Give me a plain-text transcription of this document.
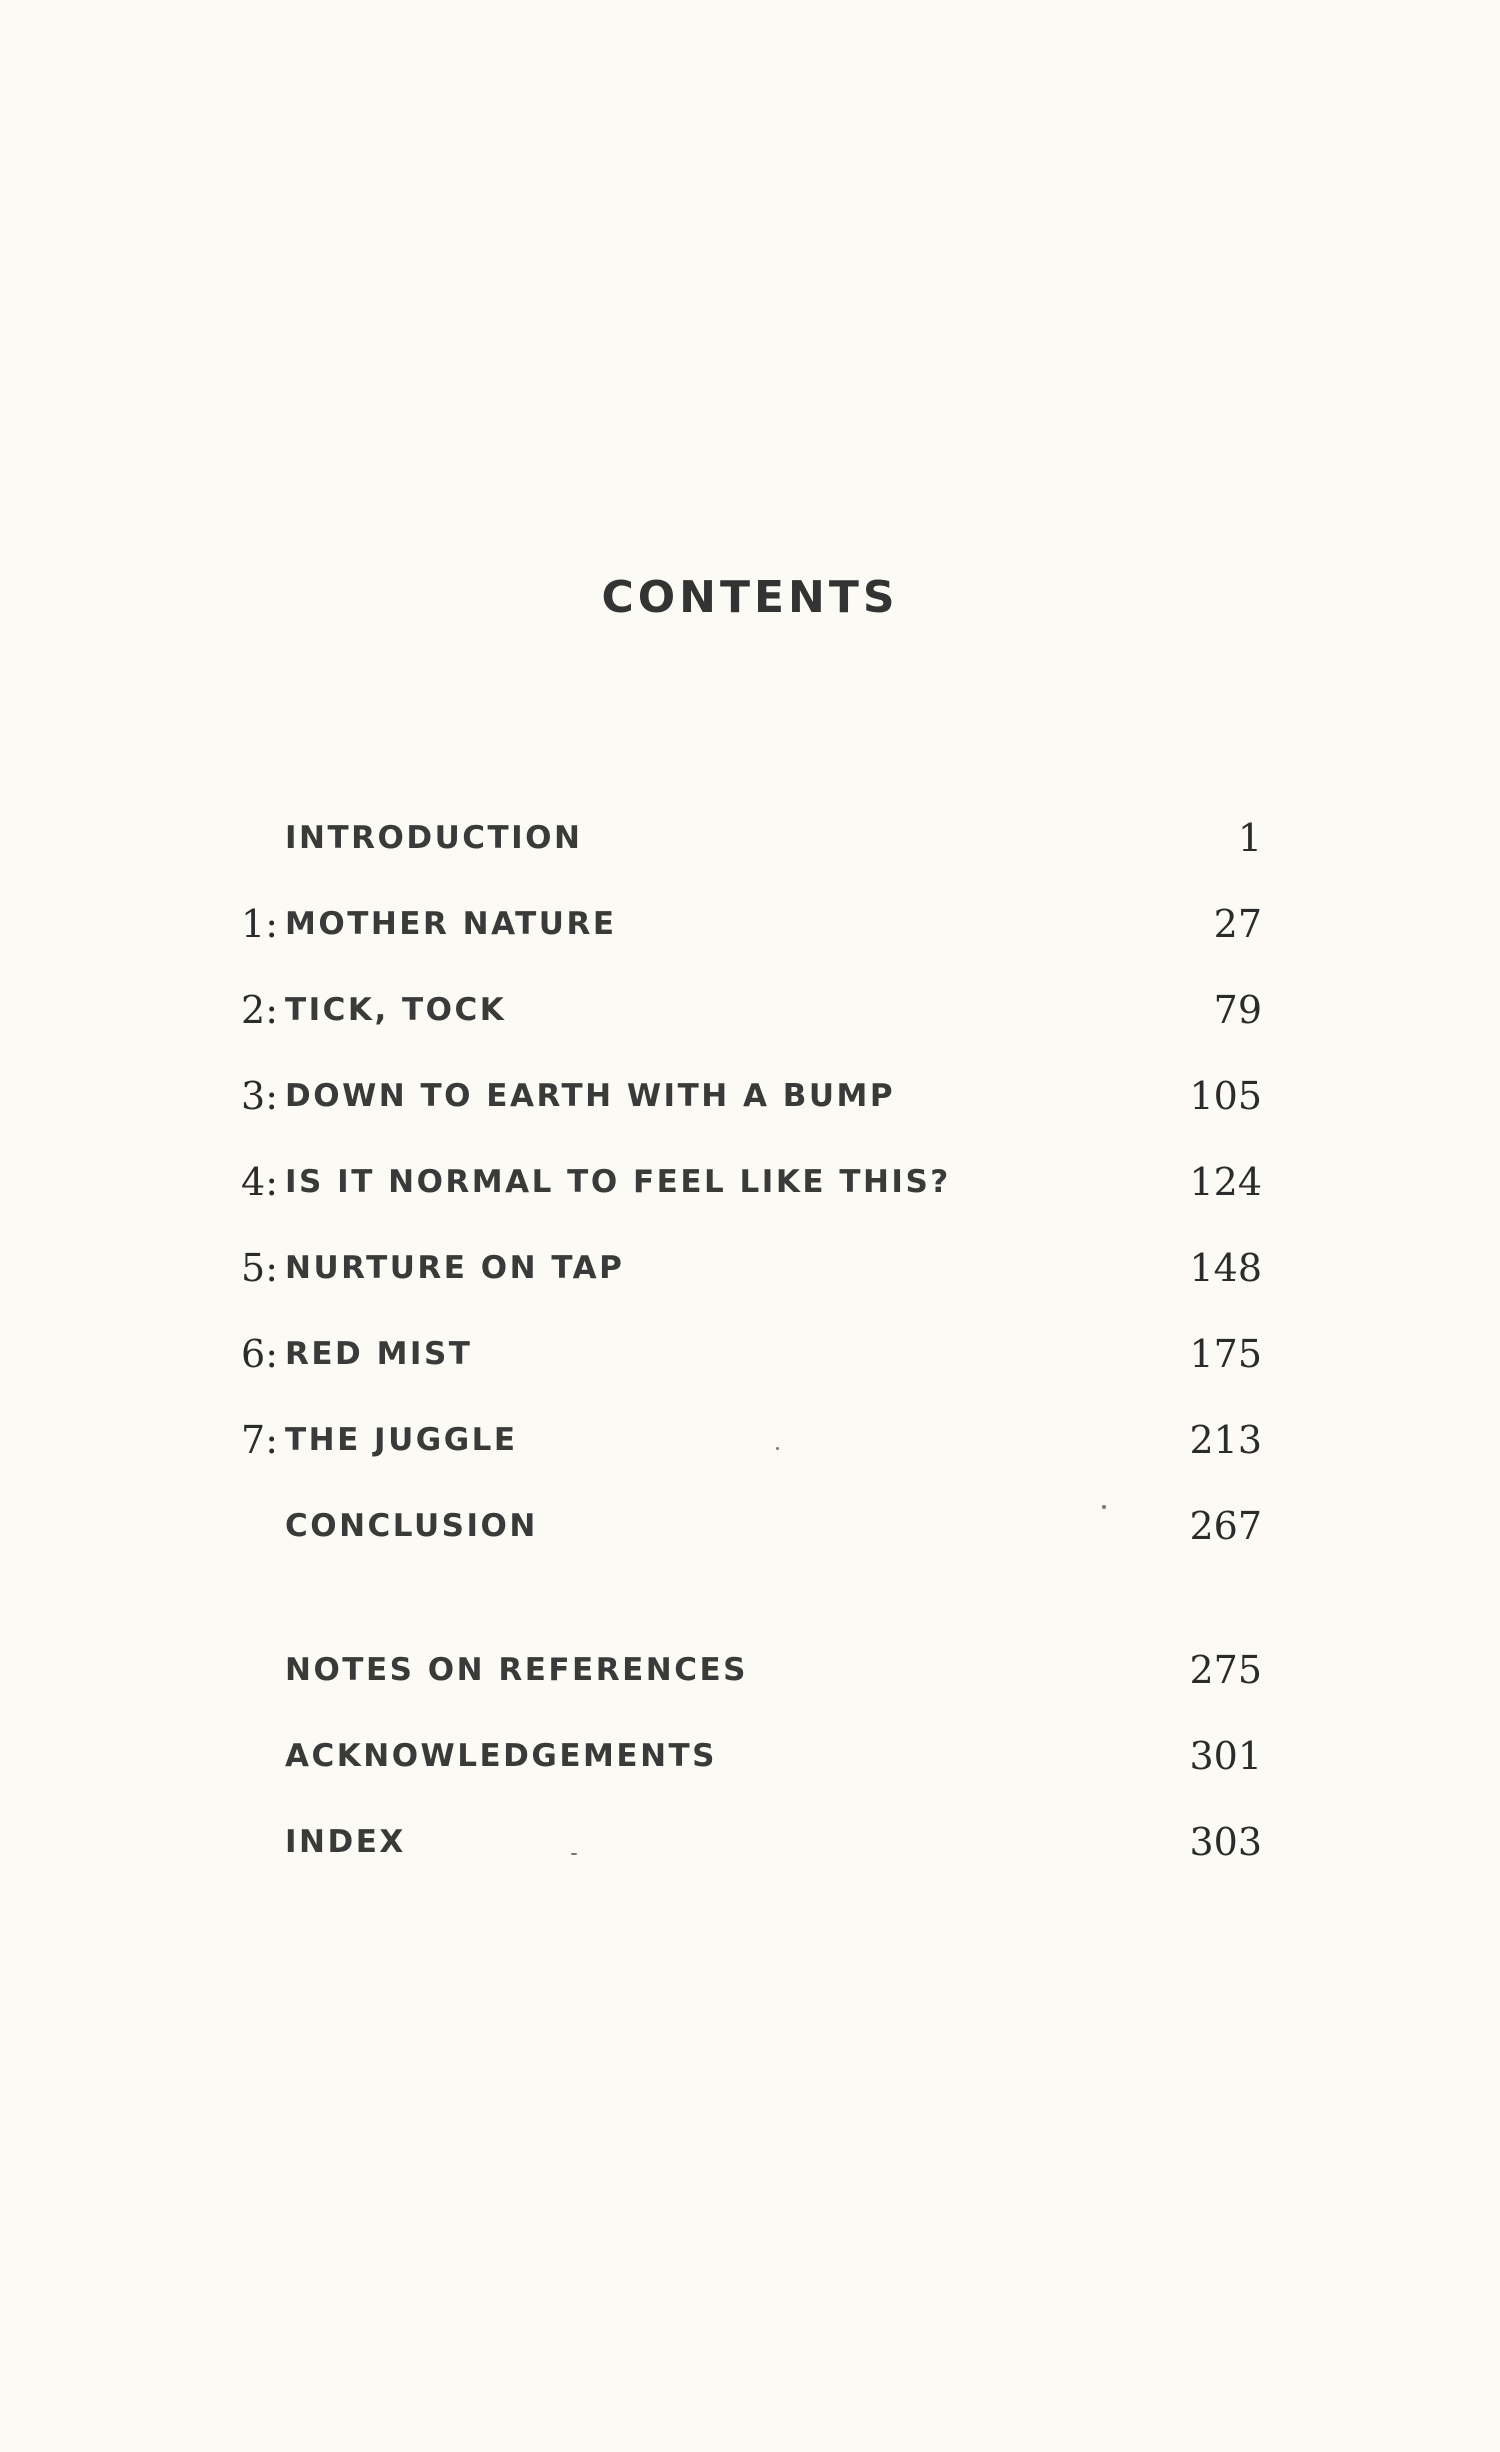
CONTENTS
INTRODUCTION	1
1: MOTHER NATURE	27
2: TICK, TOCK	79
3: DOWN TO EARTH WITH A BUMP	105
4: IS IT NORMAL TO FEEL LIKE THIS?	124
5: NURTURE ON TAP	148
6: RED MIST	175
7: THE JUGGLE	213
CONCLUSION	267
NOTES ON REFERENCES	275
ACKNOWLEDGEMENTS	301
INDEX	303
